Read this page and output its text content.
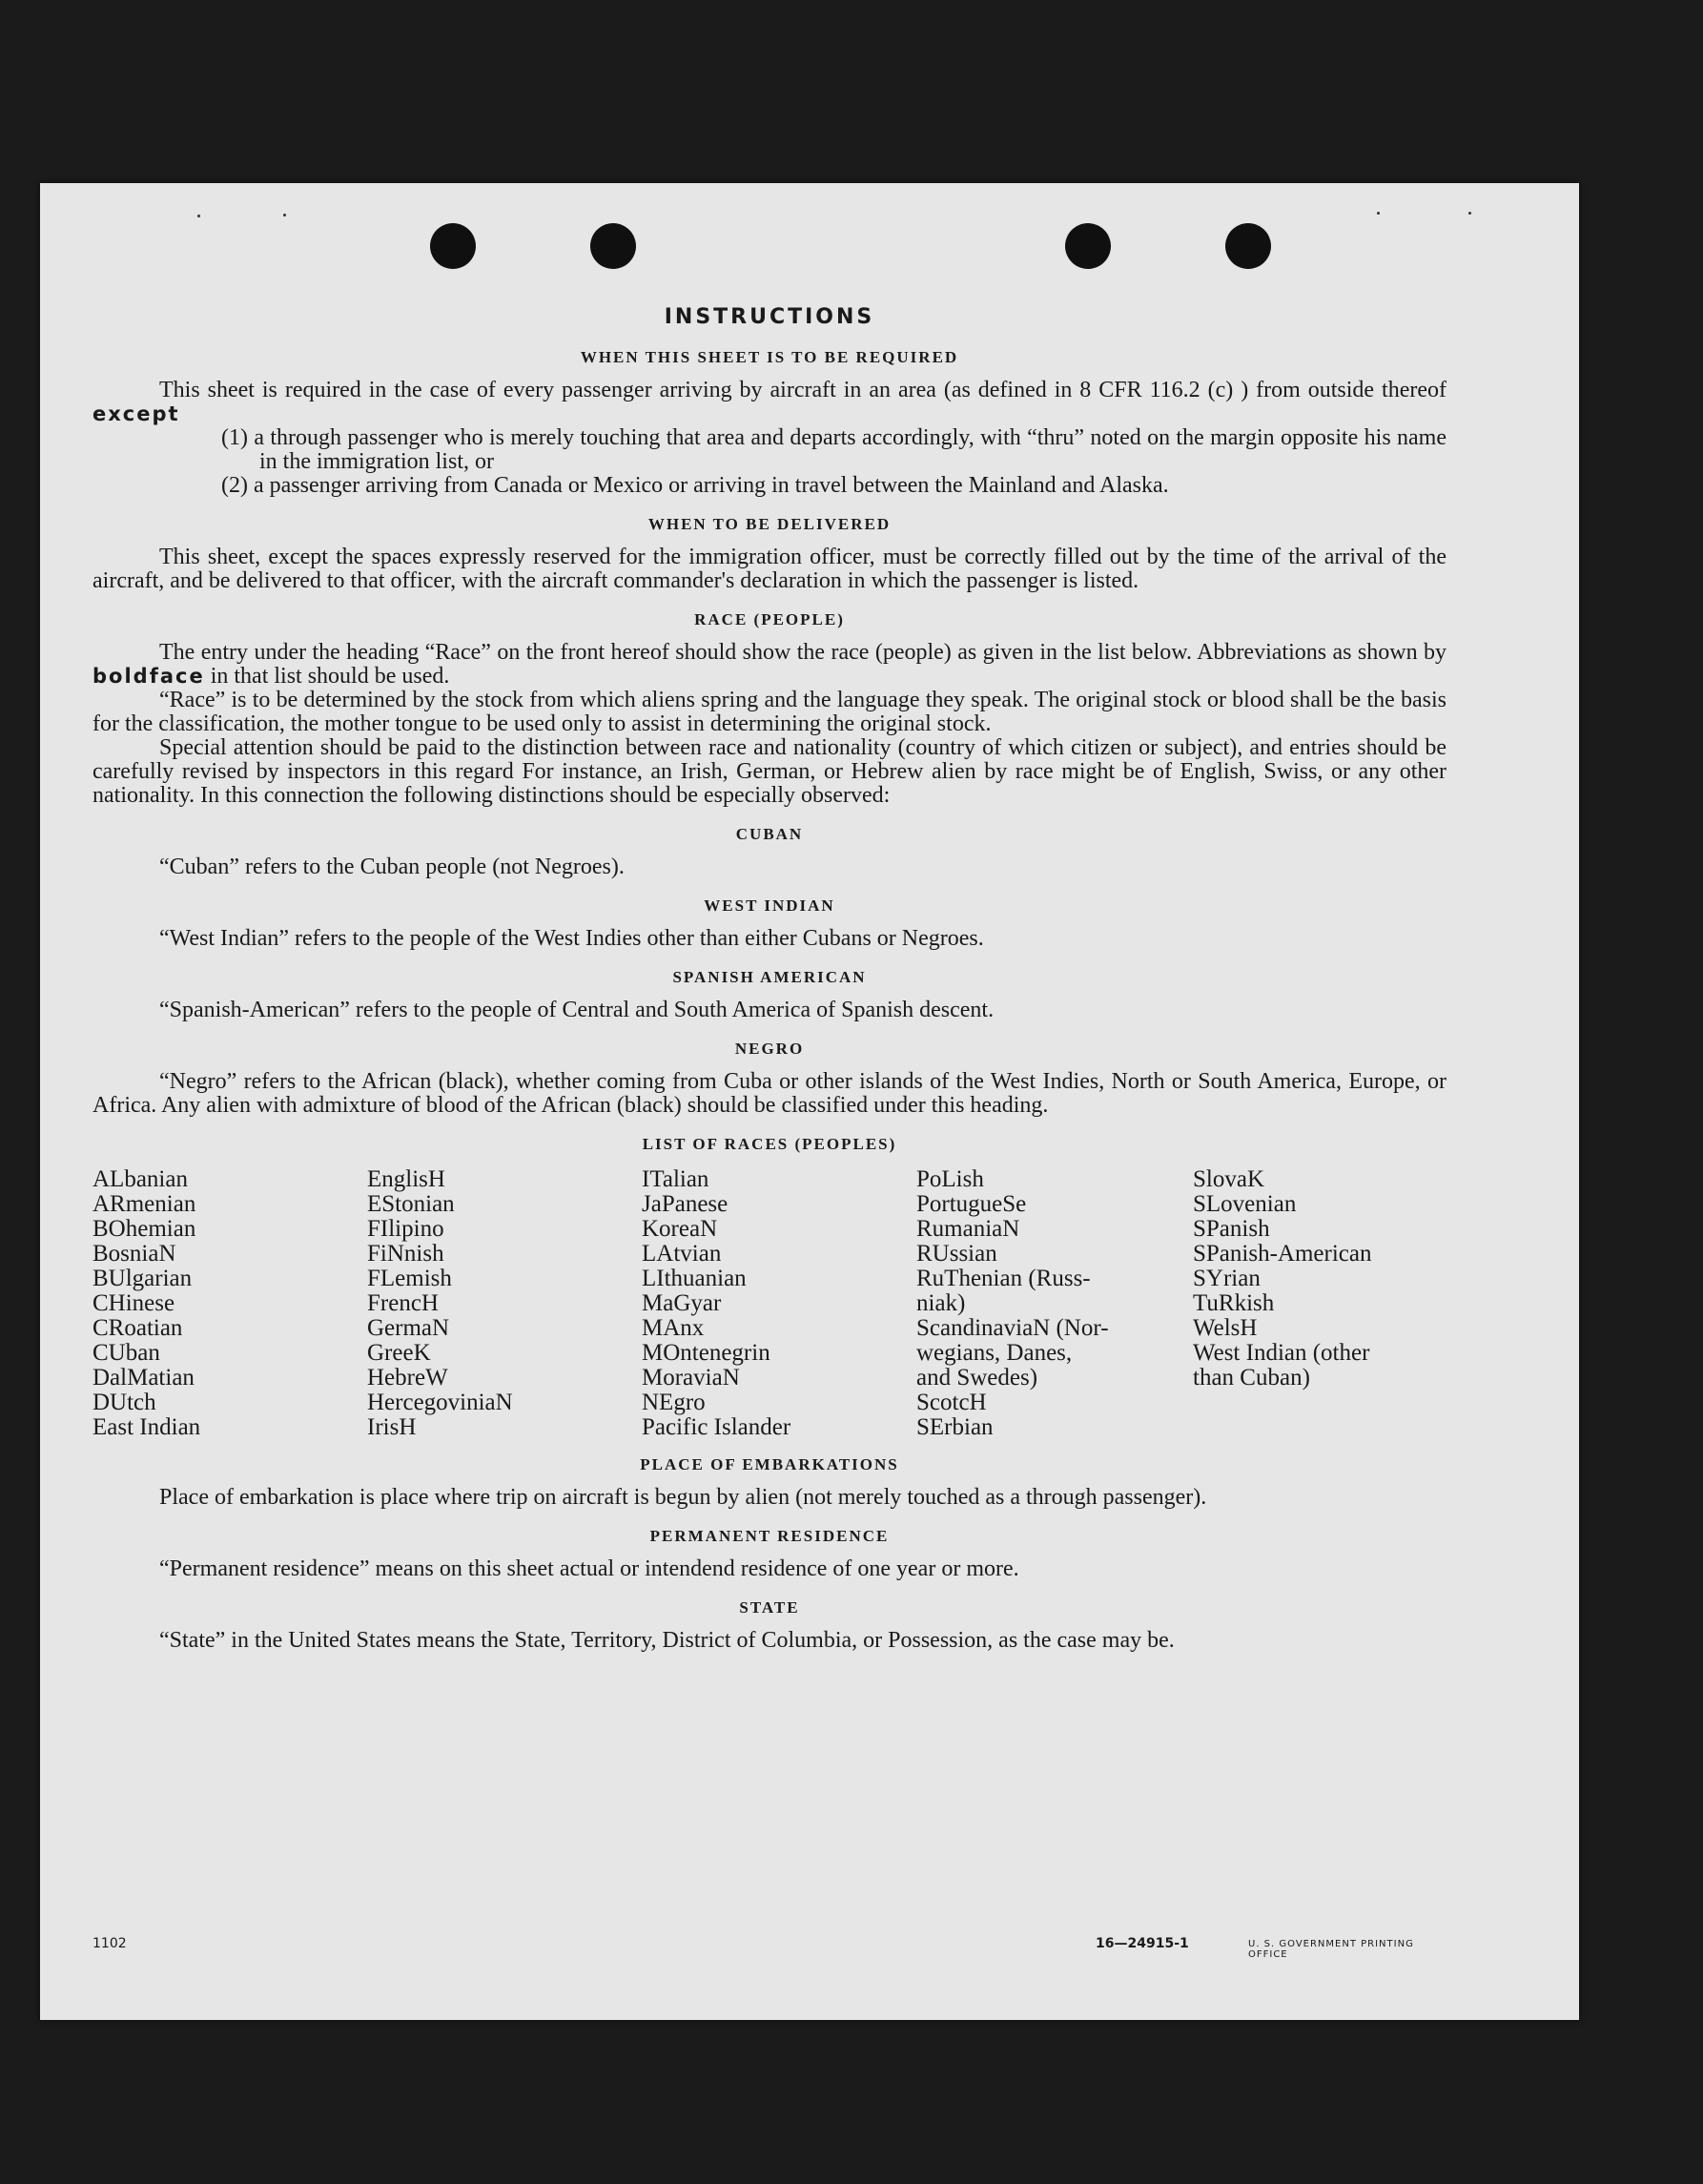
INSTRUCTIONS
WHEN THIS SHEET IS TO BE REQUIRED

This sheet is required in the case of every passenger arriving by aircraft in an area (as defined in 8 CFR 116.2 (c) ) from outside thereof except

(1) a through passenger who is merely touching that area and departs accordingly, with “thru” noted on the margin opposite his name in the immigration list, or

(2) a passenger arriving from Canada or Mexico or arriving in travel between the Mainland and Alaska.

WHEN TO BE DELIVERED

This sheet, except the spaces expressly reserved for the immigration officer, must be correctly filled out by the time of the arrival of the aircraft, and be delivered to that officer, with the aircraft commander's declaration in which the passenger is listed.

RACE (PEOPLE)

The entry under the heading “Race” on the front hereof should show the race (people) as given in the list below. Abbreviations as shown by boldface in that list should be used.

“Race” is to be determined by the stock from which aliens spring and the language they speak. The original stock or blood shall be the basis for the classification, the mother tongue to be used only to assist in determining the original stock.

Special attention should be paid to the distinction between race and nationality (country of which citizen or subject), and entries should be carefully revised by inspectors in this regard For instance, an Irish, German, or Hebrew alien by race might be of English, Swiss, or any other nationality. In this connection the following distinctions should be especially observed:

CUBAN

“Cuban” refers to the Cuban people (not Negroes).

WEST INDIAN

“West Indian” refers to the people of the West Indies other than either Cubans or Negroes.

SPANISH AMERICAN

“Spanish-American” refers to the people of Central and South America of Spanish descent.

NEGRO

“Negro” refers to the African (black), whether coming from Cuba or other islands of the West Indies, North or South America, Europe, or Africa. Any alien with admixture of blood of the African (black) should be classified under this heading.

LIST OF RACES (PEOPLES)
ALbanian
ARmenian
BOhemian
BosniaN
BUlgarian
CHinese
CRoatian
CUban
DalMatian
DUtch
East Indian
EnglisH
EStonian
FIlipino
FiNnish
FLemish
FrencH
GermaN
GreeK
HebreW
HercegoviniaN
IrisH
ITalian
JaPanese
KoreaN
LAtvian
LIthuanian
MaGyar
MAnx
MOntenegrin
MoraviaN
NEgro
Pacific Islander
PoLish
PortugueSe
RumaniaN
RUssian
RuThenian (Russ-
niak)
ScandinaviaN (Nor-
wegians, Danes,
and Swedes)
ScotcH
SErbian
SlovaK
SLovenian
SPanish
SPanish-American
SYrian
TuRkish
WelsH
West Indian (other
than Cuban)
PLACE OF EMBARKATIONS

Place of embarkation is place where trip on aircraft is begun by alien (not merely touched as a through passenger).

PERMANENT RESIDENCE

“Permanent residence” means on this sheet actual or intendend residence of one year or more.

STATE

“State” in the United States means the State, Territory, District of Columbia, or Possession, as the case may be.

1102	16—24915-1	U. S. GOVERNMENT PRINTING OFFICE
